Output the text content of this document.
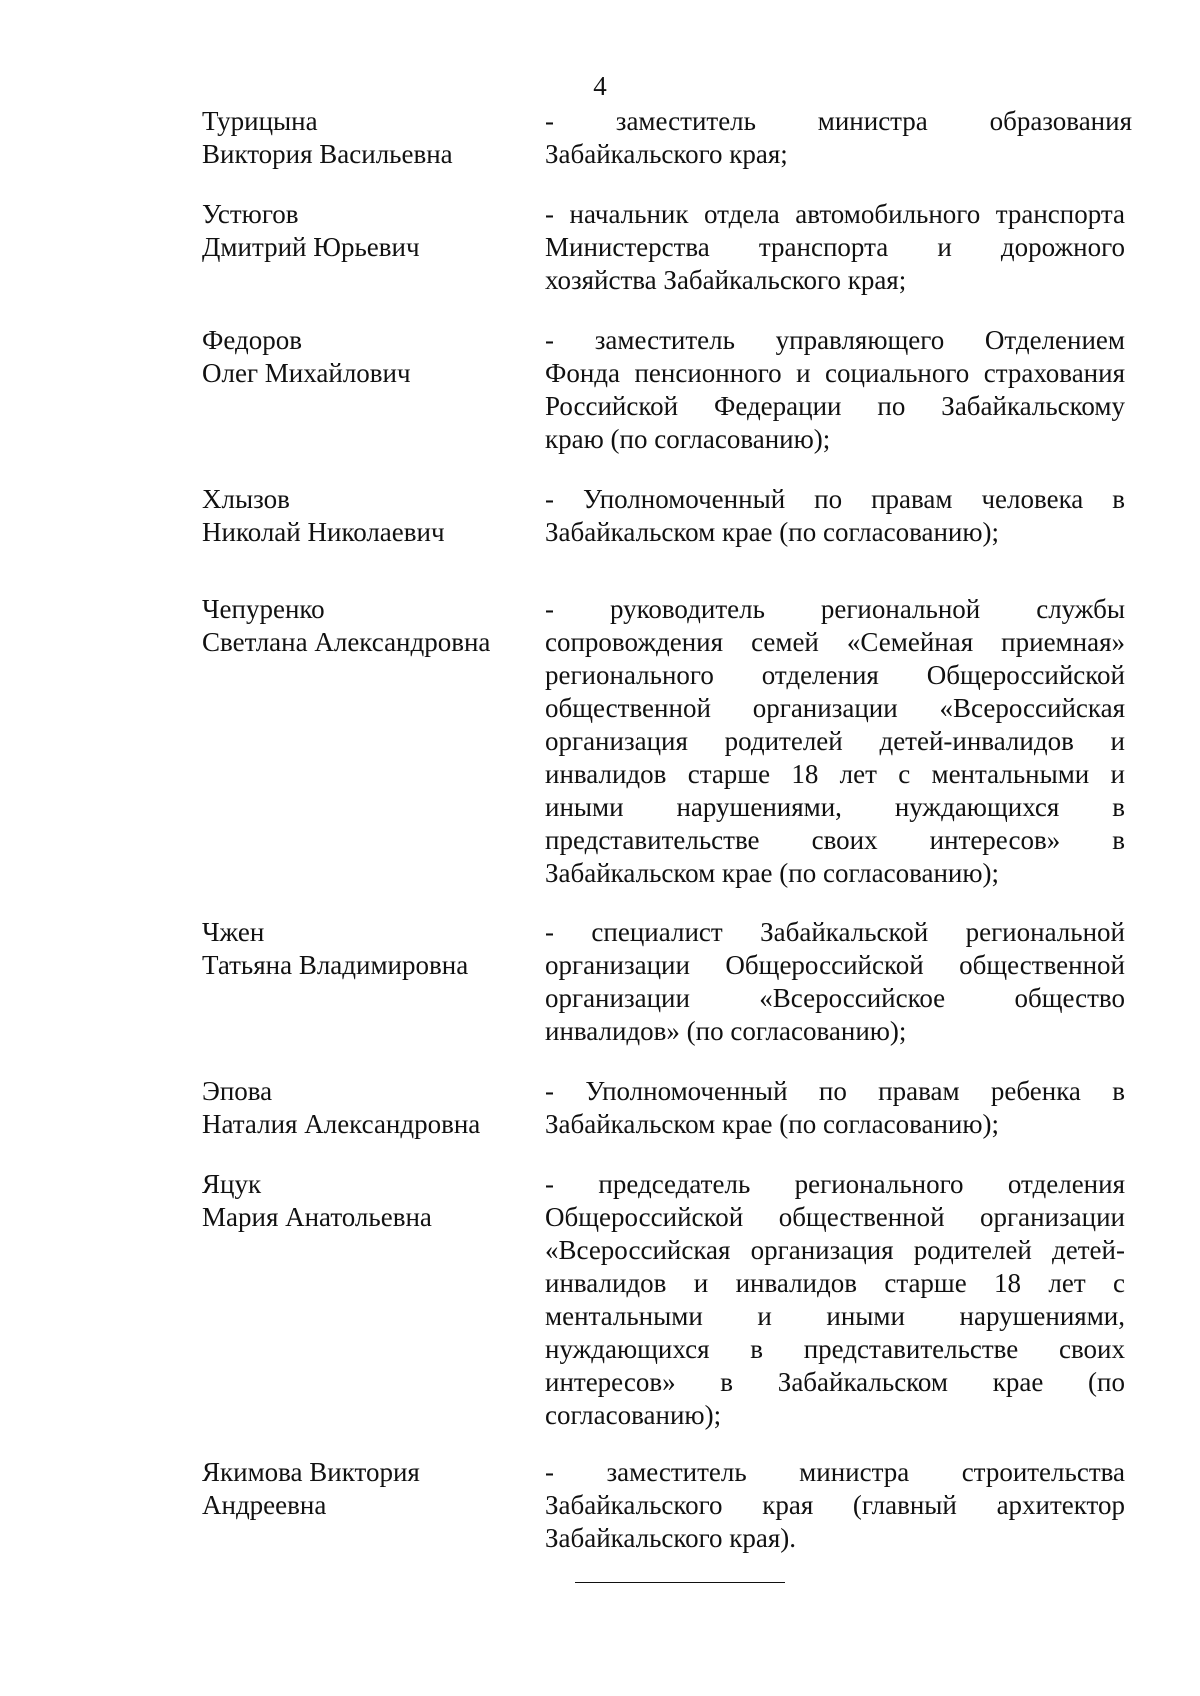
4
Турицына
Виктория Васильевна
- заместитель министра образования
Забайкальского края;
Устюгов
Дмитрий Юрьевич
- начальник отдела автомобильного транспорта
Министерства транспорта и дорожного
хозяйства Забайкальского края;
Федоров
Олег Михайлович
- заместитель управляющего Отделением
Фонда пенсионного и социального страхования
Российской Федерации по Забайкальскому
краю (по согласованию);
Хлызов
Николай Николаевич
- Уполномоченный по правам человека в
Забайкальском крае (по согласованию);
Чепуренко
Светлана Александровна
- руководитель региональной службы
сопровождения семей «Семейная приемная»
регионального отделения Общероссийской
общественной организации «Всероссийская
организация родителей детей-инвалидов и
инвалидов старше 18 лет с ментальными и
иными нарушениями, нуждающихся в
представительстве своих интересов» в
Забайкальском крае (по согласованию);
Чжен
Татьяна Владимировна
- специалист Забайкальской региональной
организации Общероссийской общественной
организации «Всероссийское общество
инвалидов» (по согласованию);
Эпова
Наталия Александровна
- Уполномоченный по правам ребенка в
Забайкальском крае (по согласованию);
Яцук
Мария Анатольевна
- председатель регионального отделения
Общероссийской общественной организации
«Всероссийская организация родителей детей-
инвалидов и инвалидов старше 18 лет с
ментальными и иными нарушениями,
нуждающихся в представительстве своих
интересов» в Забайкальском крае (по
согласованию);
Якимова Виктория
Андреевна
- заместитель министра строительства
Забайкальского края (главный архитектор
Забайкальского края).
